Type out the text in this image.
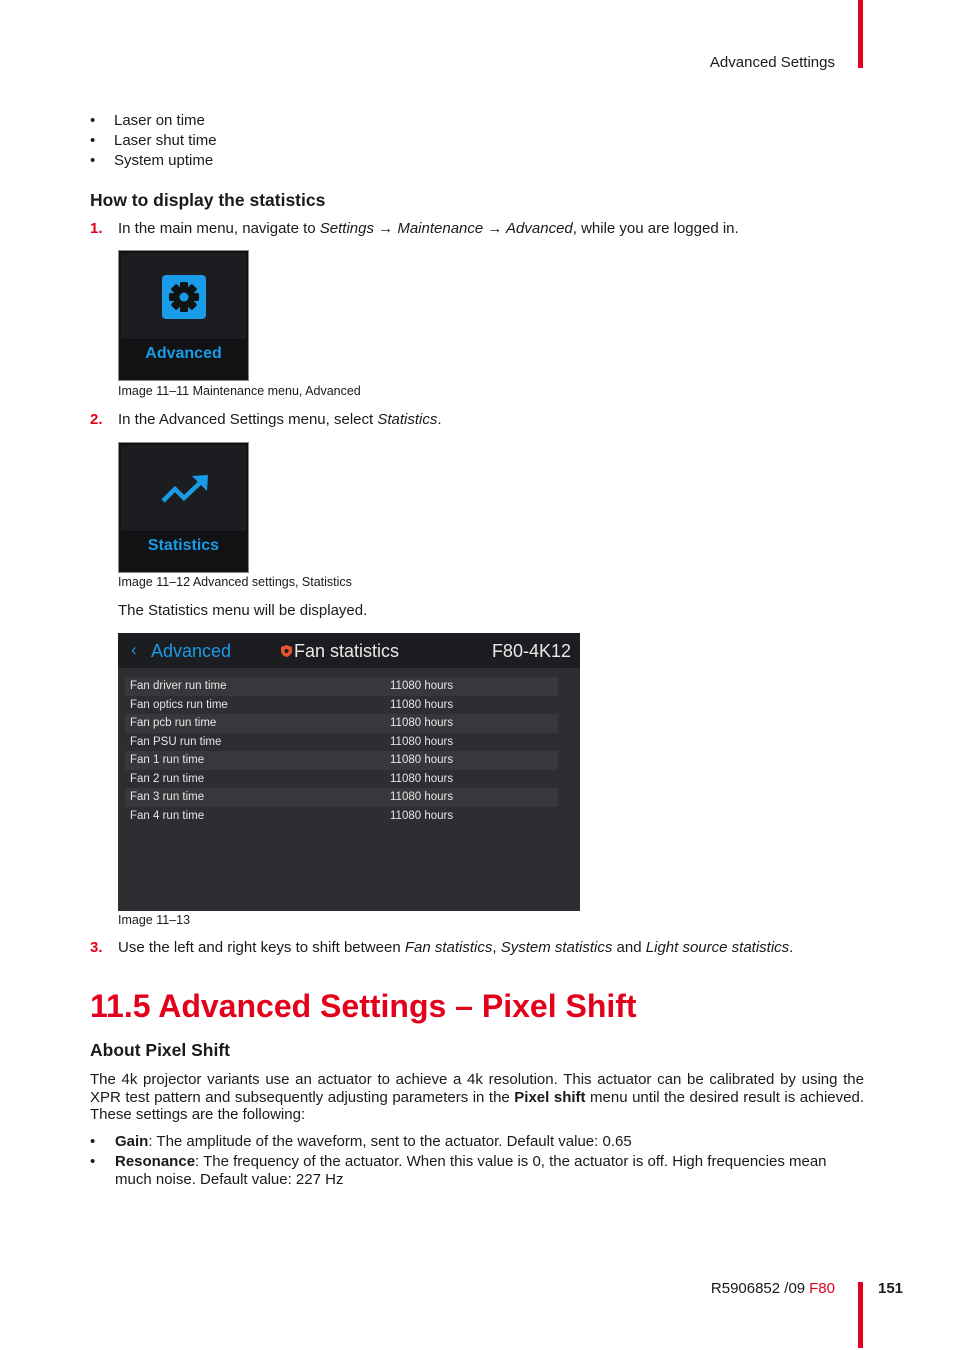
Advanced Settings
• Laser on time
• Laser shut time
• System uptime
How to display the statistics
1. In the main menu, navigate to Settings → Maintenance → Advanced, while you are logged in.
Advanced
Image 11–11 Maintenance menu, Advanced
2. In the Advanced Settings menu, select Statistics.
Statistics
Image 11–12 Advanced settings, Statistics
The Statistics menu will be displayed.
‹ Advanced	Fan statistics	F80-4K12
Fan driver run time	11080 hours
Fan optics run time	11080 hours
Fan pcb run time	11080 hours
Fan PSU run time	11080 hours
Fan 1 run time	11080 hours
Fan 2 run time	11080 hours
Fan 3 run time	11080 hours
Fan 4 run time	11080 hours
Image 11–13
3. Use the left and right keys to shift between Fan statistics, System statistics and Light source statistics.
11.5 Advanced Settings – Pixel Shift
About Pixel Shift
The 4k projector variants use an actuator to achieve a 4k resolution. This actuator can be calibrated by using the XPR test pattern and subsequently adjusting parameters in the Pixel shift menu until the desired result is achieved. These settings are the following:
• Gain: The amplitude of the waveform, sent to the actuator. Default value: 0.65
• Resonance: The frequency of the actuator. When this value is 0, the actuator is off. High frequencies mean much noise. Default value: 227 Hz
R5906852 /09 F80	151
